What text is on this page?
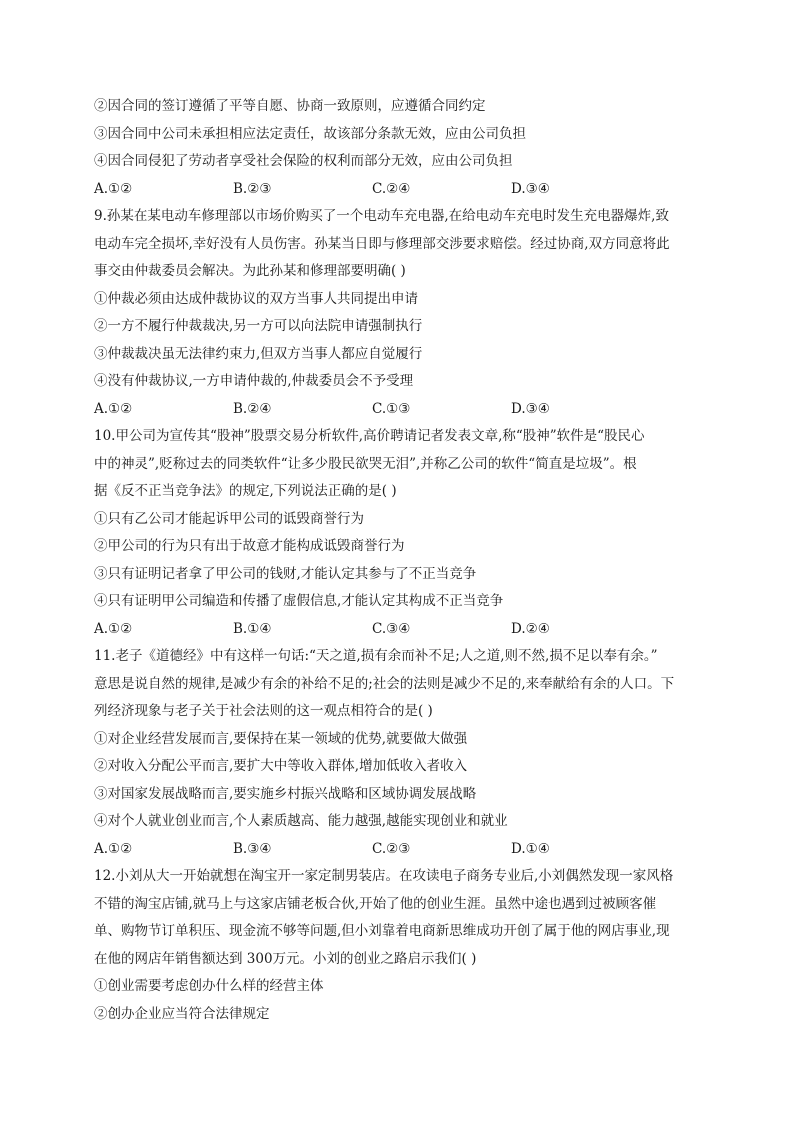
②因合同的签订遵循了平等自愿、协商一致原则，应遵循合同约定
③因合同中公司未承担相应法定责任，故该部分条款无效，应由公司负担
④因合同侵犯了劳动者享受社会保险的权利而部分无效，应由公司负担
A.①②	B.②③	C.②④	D.③④
9.孙某在某电动车修理部以市场价购买了一个电动车充电器,在给电动车充电时发生充电器爆炸,致
电动车完全损坏,幸好没有人员伤害。孙某当日即与修理部交涉要求赔偿。经过协商,双方同意将此
事交由仲裁委员会解决。为此孙某和修理部要明确( )
①仲裁必须由达成仲裁协议的双方当事人共同提出申请
②一方不履行仲裁裁决,另一方可以向法院申请强制执行
③仲裁裁决虽无法律约束力,但双方当事人都应自觉履行
④没有仲裁协议,一方申请仲裁的,仲裁委员会不予受理
A.①②	B.②④	C.①③	D.③④
10.甲公司为宣传其“股神”股票交易分析软件,高价聘请记者发表文章,称“股神”软件是“股民心
中的神灵”,贬称过去的同类软件“让多少股民欲哭无泪”,并称乙公司的软件“简直是垃圾”。根
据《反不正当竞争法》的规定,下列说法正确的是( )
①只有乙公司才能起诉甲公司的诋毁商誉行为
②甲公司的行为只有出于故意才能构成诋毁商誉行为
③只有证明记者拿了甲公司的钱财,才能认定其参与了不正当竞争
④只有证明甲公司编造和传播了虚假信息,才能认定其构成不正当竞争
A.①②	B.①④	C.③④	D.②④
11.老子《道德经》中有这样一句话:“天之道,损有余而补不足;人之道,则不然,损不足以奉有余。”
意思是说自然的规律,是减少有余的补给不足的;社会的法则是减少不足的,来奉献给有余的人口。下
列经济现象与老子关于社会法则的这一观点相符合的是( )
①对企业经营发展而言,要保持在某一领域的优势,就要做大做强
②对收入分配公平而言,要扩大中等收入群体,增加低收入者收入
③对国家发展战略而言,要实施乡村振兴战略和区域协调发展战略
④对个人就业创业而言,个人素质越高、能力越强,越能实现创业和就业
A.①②	B.③④	C.②③	D.①④
12.小刘从大一开始就想在淘宝开一家定制男装店。在攻读电子商务专业后,小刘偶然发现一家风格
不错的淘宝店铺,就马上与这家店铺老板合伙,开始了他的创业生涯。虽然中途也遇到过被顾客催
单、购物节订单积压、现金流不够等问题,但小刘靠着电商新思维成功开创了属于他的网店事业,现
在他的网店年销售额达到 300万元。小刘的创业之路启示我们( )
①创业需要考虑创办什么样的经营主体
②创办企业应当符合法律规定
